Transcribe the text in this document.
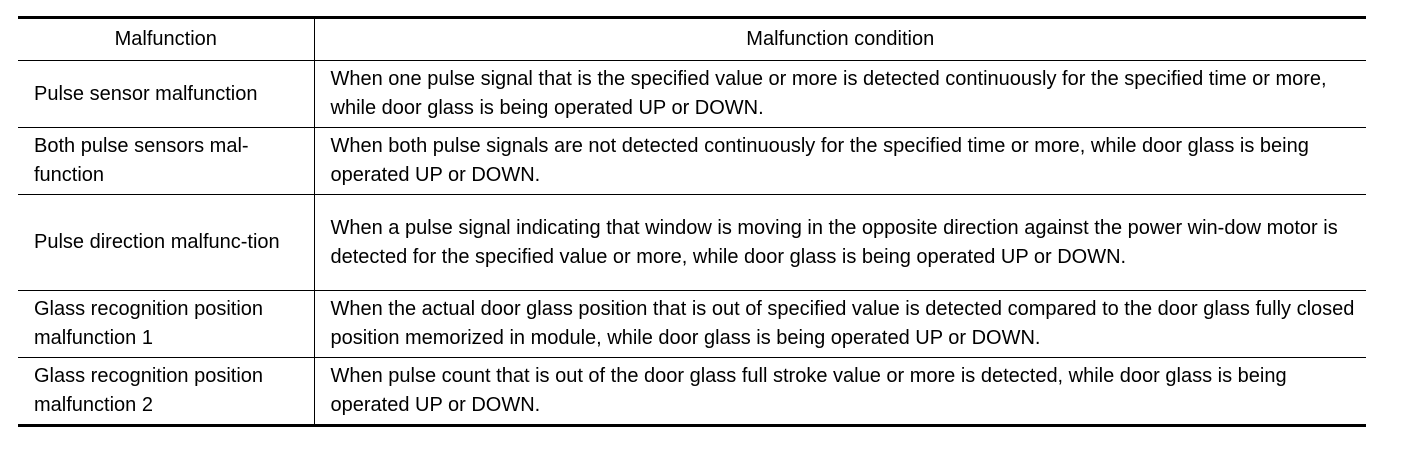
Malfunction	Malfunction condition
Pulse sensor malfunction	When one pulse signal that is the specified value or more is detected continuously for the specified time or more, while door glass is being operated UP or DOWN.
Both pulse sensors mal-function	When both pulse signals are not detected continuously for the specified time or more, while door glass is being operated UP or DOWN.
Pulse direction malfunc-tion	When a pulse signal indicating that window is moving in the opposite direction against the power win-dow motor is detected for the specified value or more, while door glass is being operated UP or DOWN.
Glass recognition position malfunction 1	When the actual door glass position that is out of specified value is detected compared to the door glass fully closed position memorized in module, while door glass is being operated UP or DOWN.
Glass recognition position malfunction 2	When pulse count that is out of the door glass full stroke value or more is detected, while door glass is being operated UP or DOWN.
